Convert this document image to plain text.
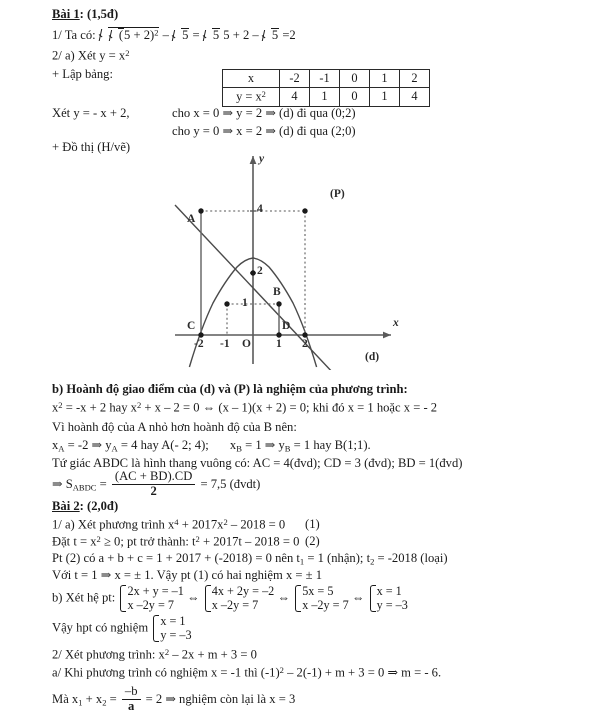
Bài 1: (1,5đ)
1/ Ta có: $(5 + 2)^2 - 5 = 5$ 5 + 2 – 5 =2
2/ a) Xét $y = x^2$
+ Lập bảng:	x	-2	-1	0	1	2
$y = x^2$	4	1	0	1	4
Xét y = - x + 2,	cho x = 0 ⇒ y = 2 ⇒ (d) đi qua (0;2)
cho y = 0 ⇒ x = 2 ⇒ (d) đi qua (2;0)
+ Đồ thị (H/vẽ)
y
x
(P)
(d)
A
B
C	D
O
-2 -1	1 2
1
2
4
b) Hoành độ giao điểm của (d) và (P) là nghiệm của phương trình:
$x^2 = -x + 2$ hay $x^2 + x - 2 = 0$ ⇔ (x – 1)(x + 2) = 0; khi đó x = 1 hoặc x = - 2
Vì hoành độ của A nhỏ hơn hoành độ của B nên:
$x_A = -2$ ⇒ $y_A = 4$ hay A(- 2; 4); $x_B = 1$ ⇒ $y_B = 1$ hay B(1;1).
Tứ giác ABDC là hình thang vuông có: AC = 4(đvd); CD = 3 (đvd); BD = 1(đvd)
⇒ $S_{ABDC} = \frac{(AC + BD).CD}{2} = 7,5$ (đvdt)
Bài 2: (2,0đ)
1/ a) Xét phương trình $x^4 + 2017x^2 - 2018 = 0$ (1)
Đặt $t = x^2 \ge 0$; pt trở thành: $t^2 + 2017t - 2018 = 0$ (2)
Pt (2) có a + b + c = 1 + 2017 + (-2018) = 0 nên $t_1 = 1$ (nhận); $t_2 = -2018$ (loại)
Với t = 1 ⇒ x = ± 1. Vậy pt (1) có hai nghiệm x = ± 1
b) Xét hệ pt: 2x + y = –1
x –2y = 7
⇔ 4x + 2y = –2
x –2y = 7
⇔ 5x = 5
x –2y = 7
⇔ x = 1
y = –3
Vậy hpt có nghiệm x = 1
y = –3
2/ Xét phương trình: $x^2 - 2x + m + 3 = 0$
a/ Khi phương trình có nghiệm x = -1 thì $(-1)^2 - 2(-1) + m + 3 = 0$ ⇒ m = - 6.
Mà $x_1 + x_2 = \frac{-b}{a} = 2$ ⇒ nghiệm còn lại là x = 3
